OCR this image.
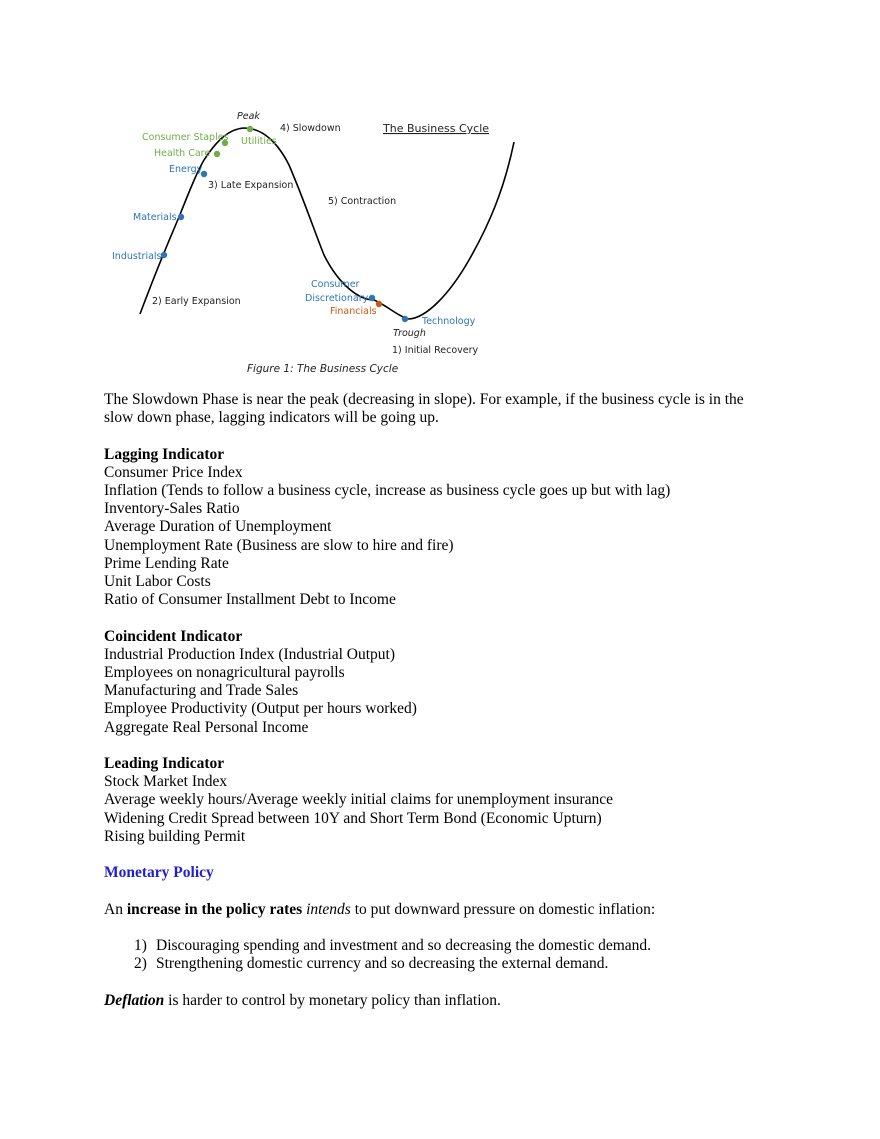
Peak
4) Slowdown	The Business Cycle
Consumer Staples Utilities
Health Care
Energy
3) Late Expansion
5) Contraction
Materials
Industrials
Consumer
Discretionary
2) Early Expansion
Financials
Technology
Trough
1) Initial Recovery
Figure 1: The Business Cycle

The Slowdown Phase is near the peak (decreasing in slope). For example, if the business cycle is in the

slow down phase, lagging indicators will be going up.

Lagging Indicator

Consumer Price Index

Inflation (Tends to follow a business cycle, increase as business cycle goes up but with lag)

Inventory-Sales Ratio

Average Duration of Unemployment

Unemployment Rate (Business are slow to hire and fire)

Prime Lending Rate

Unit Labor Costs

Ratio of Consumer Installment Debt to Income

Coincident Indicator

Industrial Production Index (Industrial Output)

Employees on nonagricultural payrolls

Manufacturing and Trade Sales

Employee Productivity (Output per hours worked)

Aggregate Real Personal Income

Leading Indicator

Stock Market Index

Average weekly hours/Average weekly initial claims for unemployment insurance

Widening Credit Spread between 10Y and Short Term Bond (Economic Upturn)

Rising building Permit

Monetary Policy

An increase in the policy rates intends to put downward pressure on domestic inflation:

1) Discouraging spending and investment and so decreasing the domestic demand.
2) Strengthening domestic currency and so decreasing the external demand.

Deflation is harder to control by monetary policy than inflation.
